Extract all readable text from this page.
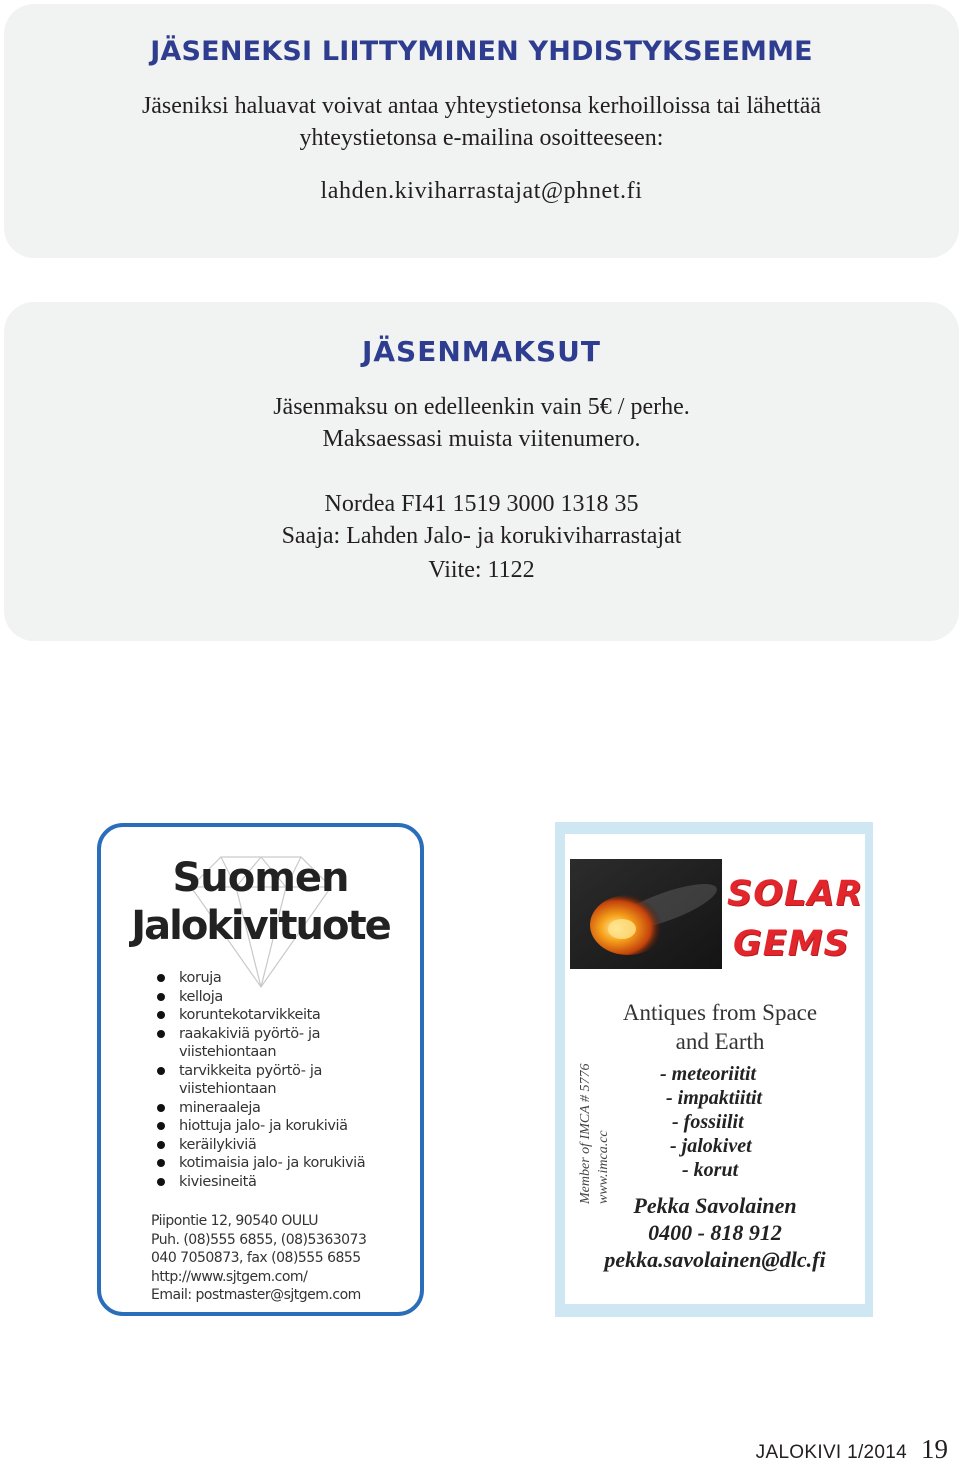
JÄSENEKSI LIITTYMINEN YHDISTYKSEEMME

Jäseniksi haluavat voivat antaa yhteystietonsa kerhoilloissa tai lähettää

yhteystietonsa e-mailina osoitteeseen:

lahden.kiviharrastajat@phnet.fi

JÄSENMAKSUT

Jäsenmaksu on edelleenkin vain 5€ / perhe.

Maksaessasi muista viitenumero.

Nordea FI41 1519 3000 1318 35

Saaja: Lahden Jalo- ja korukiviharrastajat

Viite: 1122

Suomen

Jalokivituote

koruja
kelloja
koruntekotarvikkeita
raakakiviä pyörtö- ja
viistehiontaan
tarvikkeita pyörtö- ja
viistehiontaan
mineraaleja
hiottuja jalo- ja korukiviä
keräilykiviä
kotimaisia jalo- ja korukiviä
kiviesineitä
Piipontie 12, 90540 OULU
Puh. (08)555 6855, (08)5363073
040 7050873, fax (08)555 6855
http://www.sjtgem.com/
Email: postmaster@sjtgem.com

SOLAR

GEMS

Antiques from Space
and Earth

Member of IMCA # 5776 www.imca.cc
- meteoriitit
- impaktiitit
- fossiilit
- jalokivet
- korut

Pekka Savolainen
0400 - 818 912
pekka.savolainen@dlc.fi

JALOKIVI 1/2014 19
